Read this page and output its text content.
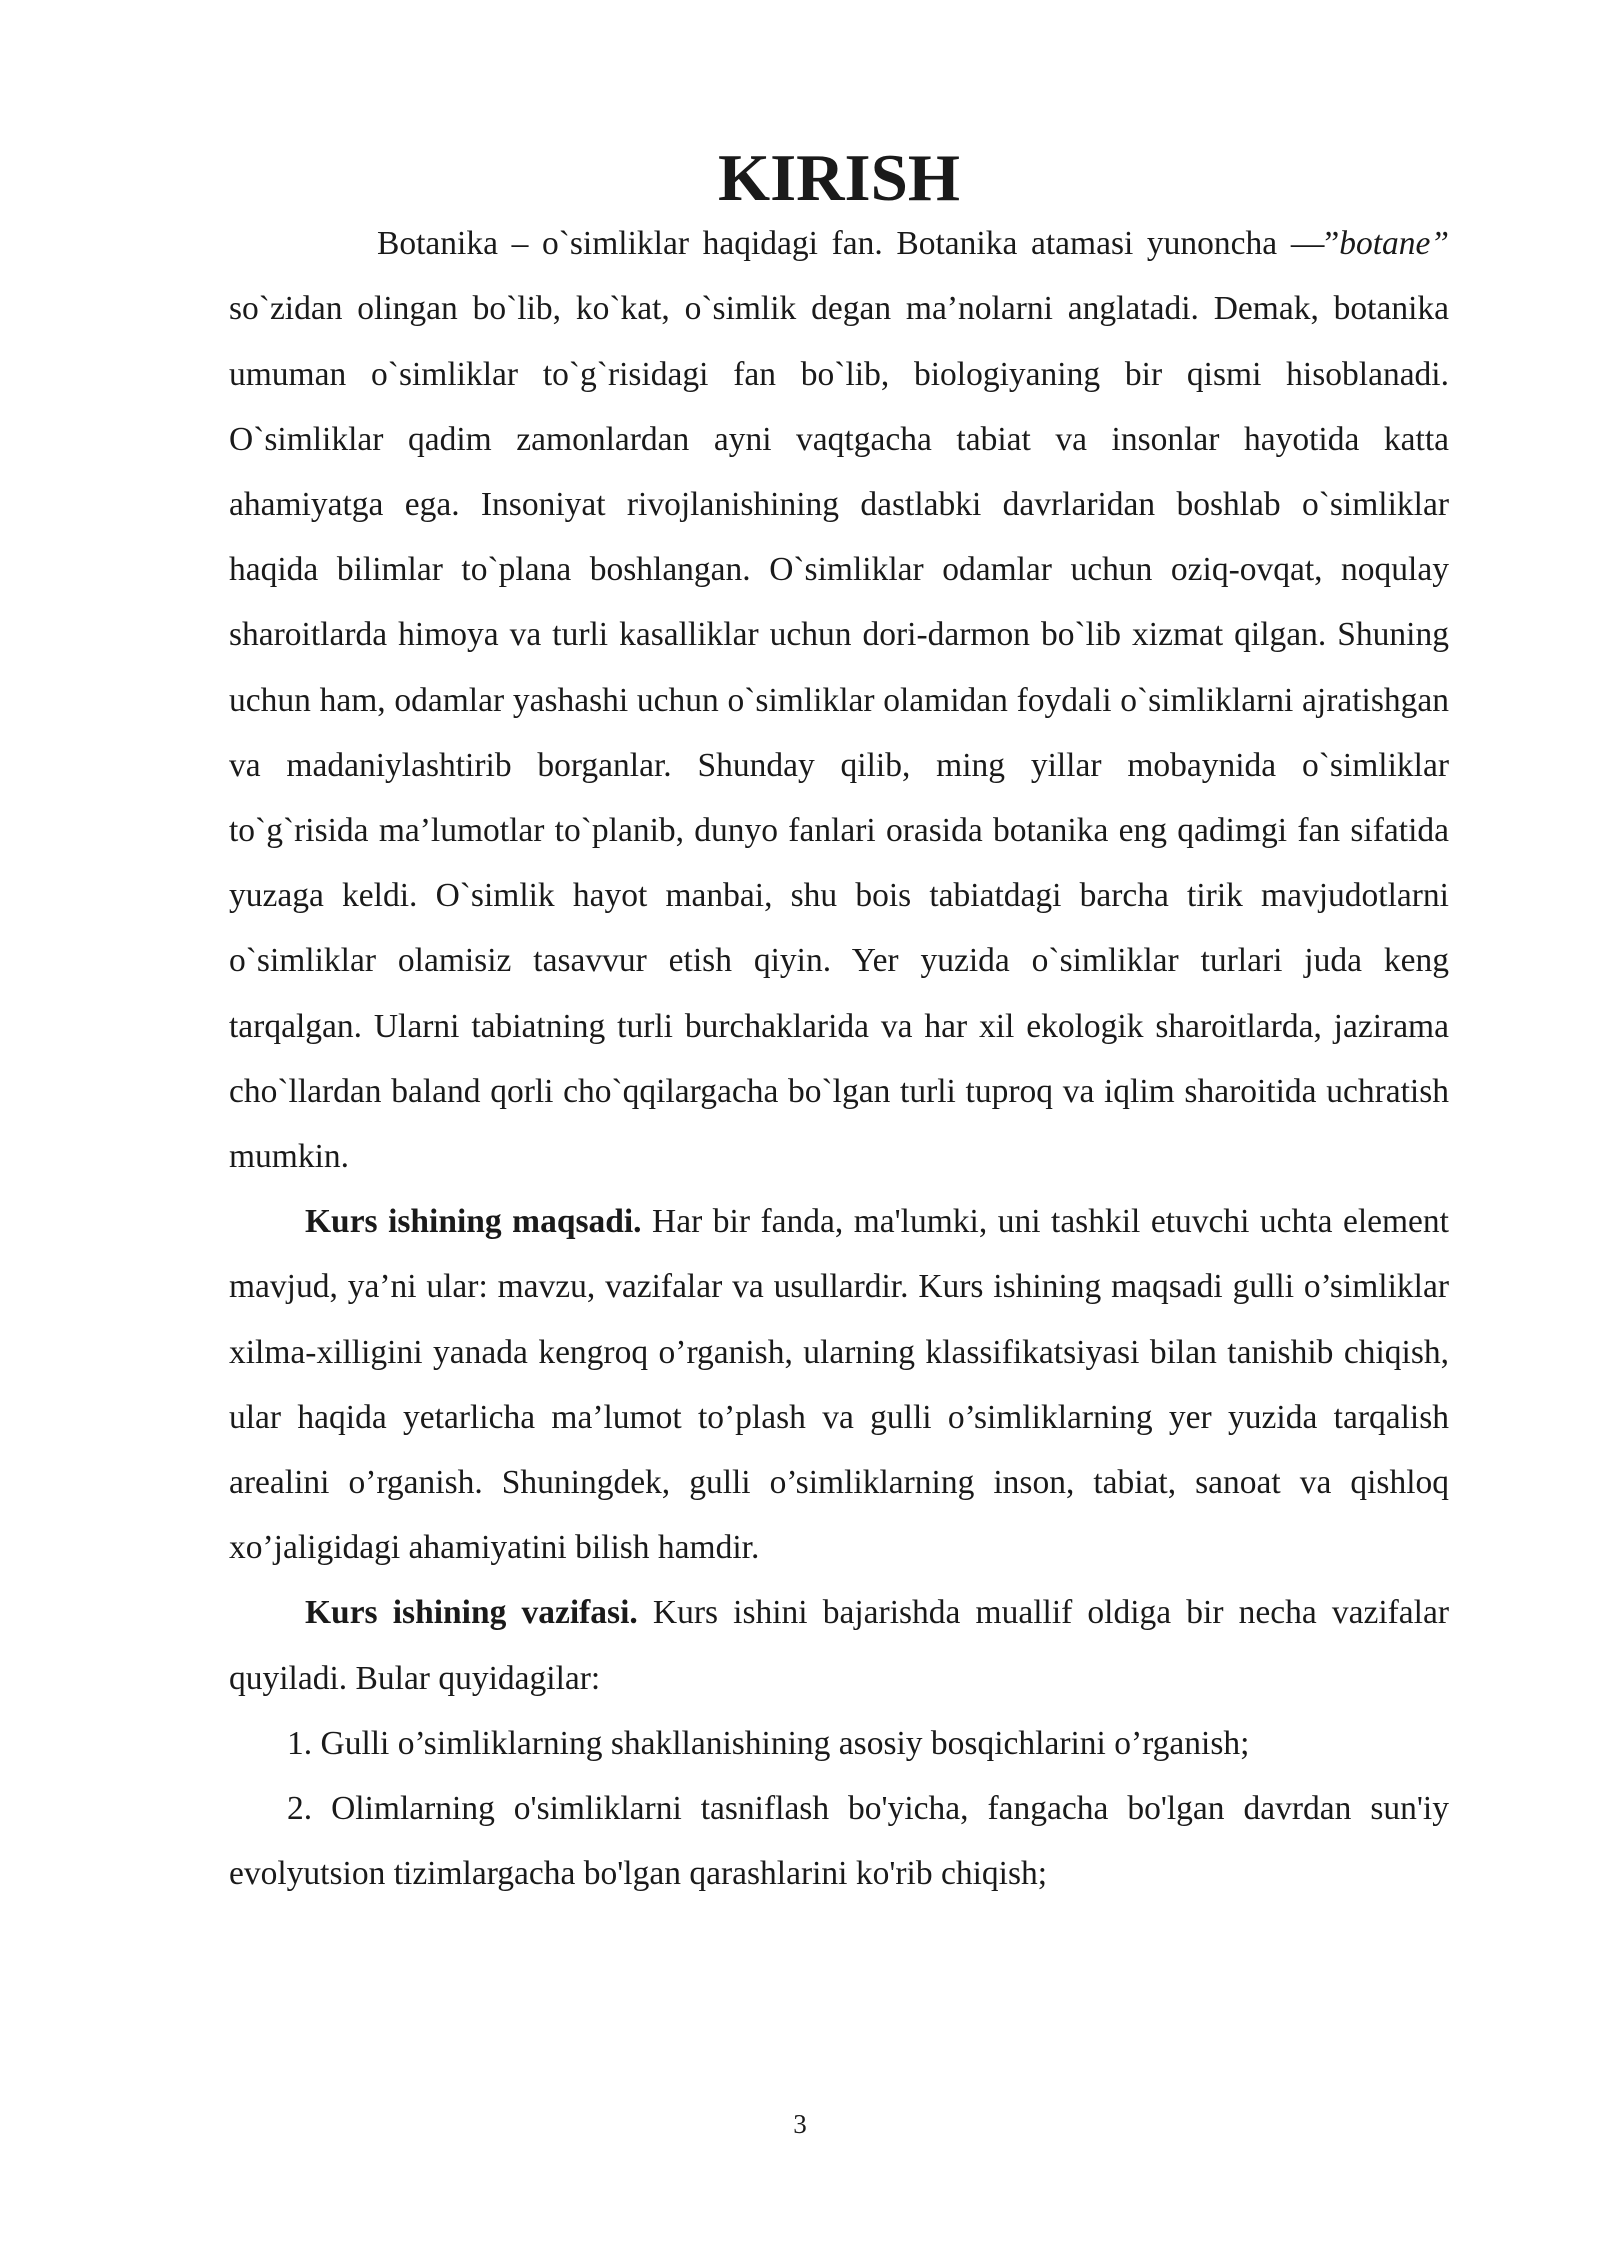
KIRISH

Botanika – o`simliklar haqidagi fan. Botanika atamasi yunoncha —”botane” so`zidan olingan bo`lib, ko`kat, o`simlik degan ma’nolarni anglatadi. Demak, botanika umuman o`simliklar to`g`risidagi fan bo`lib, biologiyaning bir qismi hisoblanadi. O`simliklar qadim zamonlardan ayni vaqtgacha tabiat va insonlar hayotida katta ahamiyatga ega. Insoniyat rivojlanishining dastlabki davrlaridan boshlab o`simliklar haqida bilimlar to`plana boshlangan. O`simliklar odamlar uchun oziq-ovqat, noqulay sharoitlarda himoya va turli kasalliklar uchun dori-darmon bo`lib xizmat qilgan. Shuning uchun ham, odamlar yashashi uchun o`simliklar olamidan foydali o`simliklarni ajratishgan va madaniylashtirib borganlar. Shunday qilib, ming yillar mobaynida o`simliklar to`g`risida ma’lumotlar to`planib, dunyo fanlari orasida botanika eng qadimgi fan sifatida yuzaga keldi. O`simlik hayot manbai, shu bois tabiatdagi barcha tirik mavjudotlarni o`simliklar olamisiz tasavvur etish qiyin. Yer yuzida o`simliklar turlari juda keng tarqalgan. Ularni tabiatning turli burchaklarida va har xil ekologik sharoitlarda, jazirama cho`llardan baland qorli cho`qqilargacha bo`lgan turli tuproq va iqlim sharoitida uchratish mumkin.

Kurs ishining maqsadi. Har bir fanda, ma'lumki, uni tashkil etuvchi uchta element mavjud, ya’ni ular: mavzu, vazifalar va usullardir. Kurs ishining maqsadi gulli o’simliklar xilma-xilligini yanada kengroq o’rganish, ularning klassifikatsiyasi bilan tanishib chiqish, ular haqida yetarlicha ma’lumot to’plash va gulli o’simliklarning yer yuzida tarqalish arealini o’rganish. Shuningdek, gulli o’simliklarning inson, tabiat, sanoat va qishloq xo’jaligidagi ahamiyatini bilish hamdir.

Kurs ishining vazifasi. Kurs ishini bajarishda muallif oldiga bir necha vazifalar quyiladi. Bular quyidagilar:

1. Gulli o’simliklarning shakllanishining asosiy bosqichlarini o’rganish;

2. Olimlarning o'simliklarni tasniflash bo'yicha, fangacha bo'lgan davrdan sun'iy evolyutsion tizimlargacha bo'lgan qarashlarini ko'rib chiqish;

3
